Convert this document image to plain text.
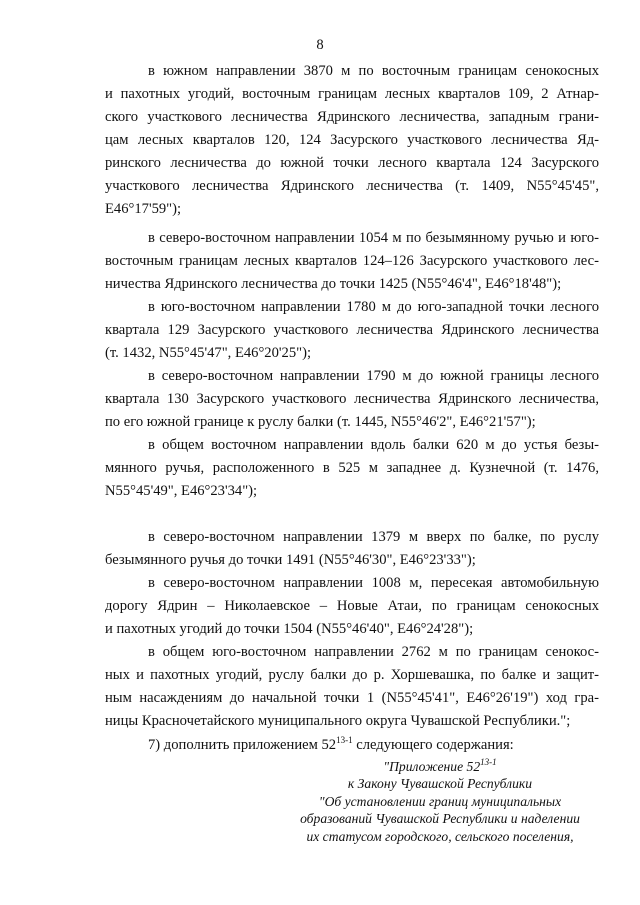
8
в южном направлении 3870 м по восточным границам сенокосных
и пахотных угодий, восточным границам лесных кварталов 109, 2 Атнар-
ского участкового лесничества Ядринского лесничества, западным грани-
цам лесных кварталов 120, 124 Засурского участкового лесничества Яд-
ринского лесничества до южной точки лесного квартала 124 Засурского
участкового лесничества Ядринского лесничества (т. 1409, N55°45'45",
E46°17'59");
в северо-восточном направлении 1054 м по безымянному ручью и юго-
восточным границам лесных кварталов 124–126 Засурского участкового лес-
ничества Ядринского лесничества до точки 1425 (N55°46'4", E46°18'48");
в юго-восточном направлении 1780 м до юго-западной точки лесного
квартала 129 Засурского участкового лесничества Ядринского лесничества
(т. 1432, N55°45'47", E46°20'25");
в северо-восточном направлении 1790 м до южной границы лесного
квартала 130 Засурского участкового лесничества Ядринского лесничества,
по его южной границе к руслу балки (т. 1445, N55°46'2", E46°21'57");
в общем восточном направлении вдоль балки 620 м до устья безы-
мянного ручья, расположенного в 525 м западнее д. Кузнечной (т. 1476,
N55°45'49", E46°23'34");
в северо-восточном направлении 1379 м вверх по балке, по руслу
безымянного ручья до точки 1491 (N55°46'30", E46°23'33");
в северо-восточном направлении 1008 м, пересекая автомобильную
дорогу Ядрин – Николаевское – Новые Атаи, по границам сенокосных
и пахотных угодий до точки 1504 (N55°46'40", E46°24'28");
в общем юго-восточном направлении 2762 м по границам сенокос-
ных и пахотных угодий, руслу балки до р. Хоршевашка, по балке и защит-
ным насаждениям до начальной точки 1 (N55°45'41", E46°26'19") ход гра-
ницы Красночетайского муниципального округа Чувашской Республики.";
7) дополнить приложением 52$^{13-1}$ следующего содержания:
"Приложение 52$^{13-1}$
к Закону Чувашской Республики
"Об установлении границ муниципальных
образований Чувашской Республики и наделении
их статусом городского, сельского поселения,
